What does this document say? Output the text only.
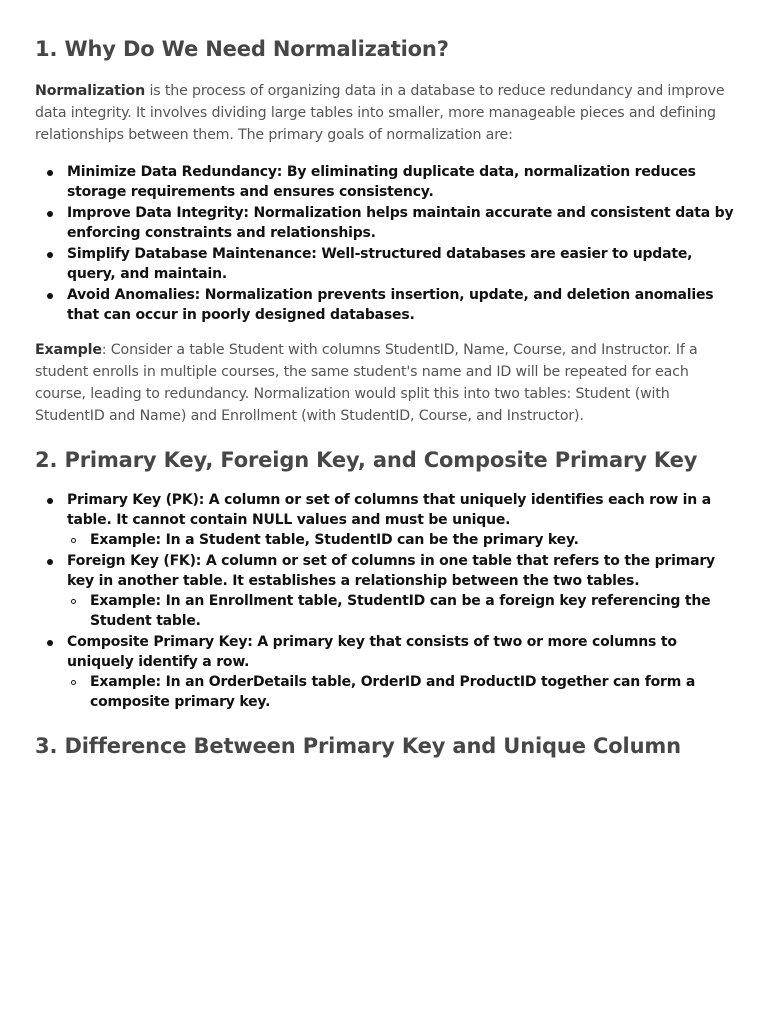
1. Why Do We Need Normalization?

Normalization is the process of organizing data in a database to reduce redundancy and improve data integrity. It involves dividing large tables into smaller, more manageable pieces and defining relationships between them. The primary goals of normalization are:

Minimize Data Redundancy: By eliminating duplicate data, normalization reduces storage requirements and ensures consistency.
Improve Data Integrity: Normalization helps maintain accurate and consistent data by enforcing constraints and relationships.
Simplify Database Maintenance: Well-structured databases are easier to update, query, and maintain.
Avoid Anomalies: Normalization prevents insertion, update, and deletion anomalies that can occur in poorly designed databases.

Example: Consider a table Student with columns StudentID, Name, Course, and Instructor. If a student enrolls in multiple courses, the same student's name and ID will be repeated for each course, leading to redundancy. Normalization would split this into two tables: Student (with StudentID and Name) and Enrollment (with StudentID, Course, and Instructor).

2. Primary Key, Foreign Key, and Composite Primary Key
Primary Key (PK): A column or set of columns that uniquely identifies each row in a table. It cannot contain NULL values and must be unique.
Example: In a Student table, StudentID can be the primary key.
Foreign Key (FK): A column or set of columns in one table that refers to the primary key in another table. It establishes a relationship between the two tables.
Example: In an Enrollment table, StudentID can be a foreign key referencing the Student table.
Composite Primary Key: A primary key that consists of two or more columns to uniquely identify a row.
Example: In an OrderDetails table, OrderID and ProductID together can form a composite primary key.
3. Difference Between Primary Key and Unique Column
